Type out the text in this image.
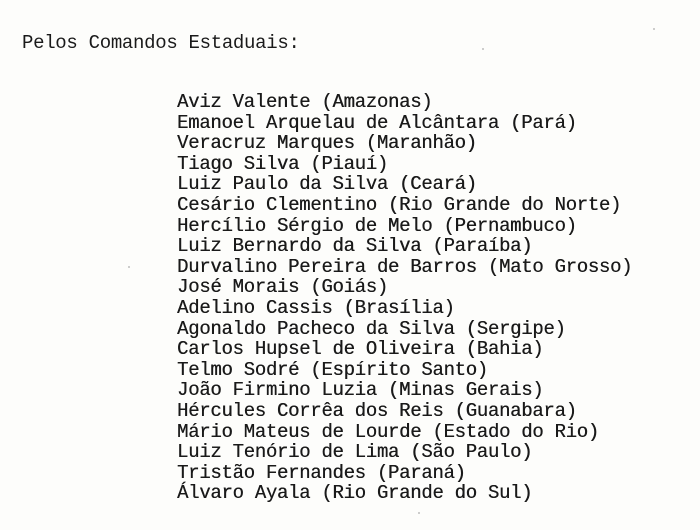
Pelos Comandos Estaduais:

Aviz Valente (Amazonas)
Emanoel Arquelau de Alcântara (Pará)
Veracruz Marques (Maranhão)
Tiago Silva (Piauí)
Luiz Paulo da Silva (Ceará)
Cesário Clementino (Rio Grande do Norte)
Hercílio Sérgio de Melo (Pernambuco)
Luiz Bernardo da Silva (Paraíba)
Durvalino Pereira de Barros (Mato Grosso)
José Morais (Goiás)
Adelino Cassis (Brasília)
Agonaldo Pacheco da Silva (Sergipe)
Carlos Hupsel de Oliveira (Bahia)
Telmo Sodré (Espírito Santo)
João Firmino Luzia (Minas Gerais)
Hércules Corrêa dos Reis (Guanabara)
Mário Mateus de Lourde (Estado do Rio)
Luiz Tenório de Lima (São Paulo)
Tristão Fernandes (Paraná)
Álvaro Ayala (Rio Grande do Sul)
